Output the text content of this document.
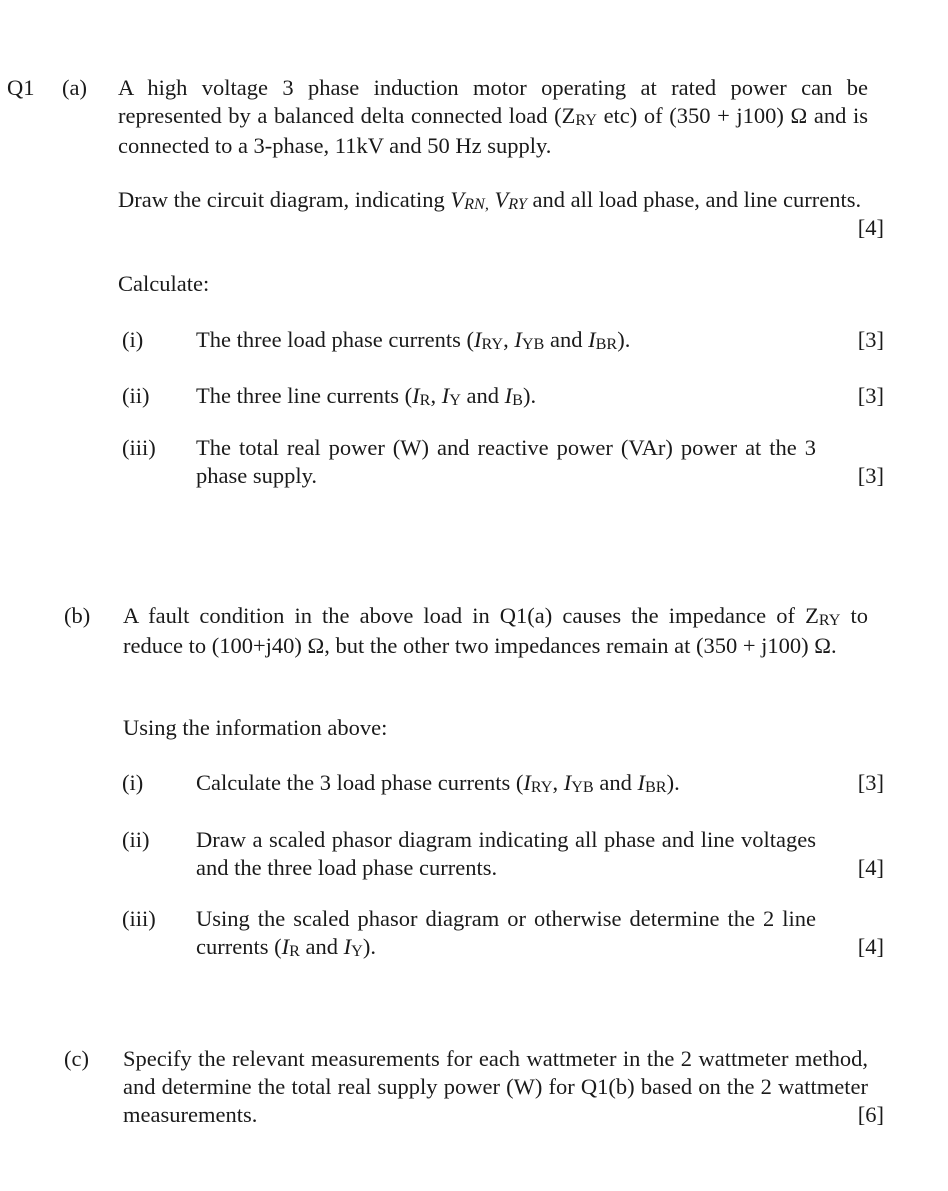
Q1 (a) A high voltage 3 phase induction motor operating at rated power can be represented by a balanced delta connected load ($Z_{RY}$ etc) of (350 + j100) Ω and is connected to a 3-phase, 11kV and 50 Hz supply.
Draw the circuit diagram, indicating $V_{RN,}$ $V_{RY}$ and all load phase, and line currents.
[4]
Calculate:
(i) The three load phase currents ($I_{RY}$, $I_{YB}$ and $I_{BR}$).	[3]
(ii) The three line currents ($I_R$, $I_Y$ and $I_B$).	[3]
(iii) The total real power (W) and reactive power (VAr) power at the 3 phase supply.	[3]
(b) A fault condition in the above load in Q1(a) causes the impedance of $Z_{RY}$ to reduce to (100+j40) Ω, but the other two impedances remain at (350 + j100) Ω.
Using the information above:
(i) Calculate the 3 load phase currents ($I_{RY}$, $I_{YB}$ and $I_{BR}$).	[3]
(ii) Draw a scaled phasor diagram indicating all phase and line voltages and the three load phase currents.	[4]
(iii) Using the scaled phasor diagram or otherwise determine the 2 line currents ($I_R$ and $I_Y$).	[4]
(c) Specify the relevant measurements for each wattmeter in the 2 wattmeter method, and determine the total real supply power (W) for Q1(b) based on the 2 wattmeter measurements.	[6]
